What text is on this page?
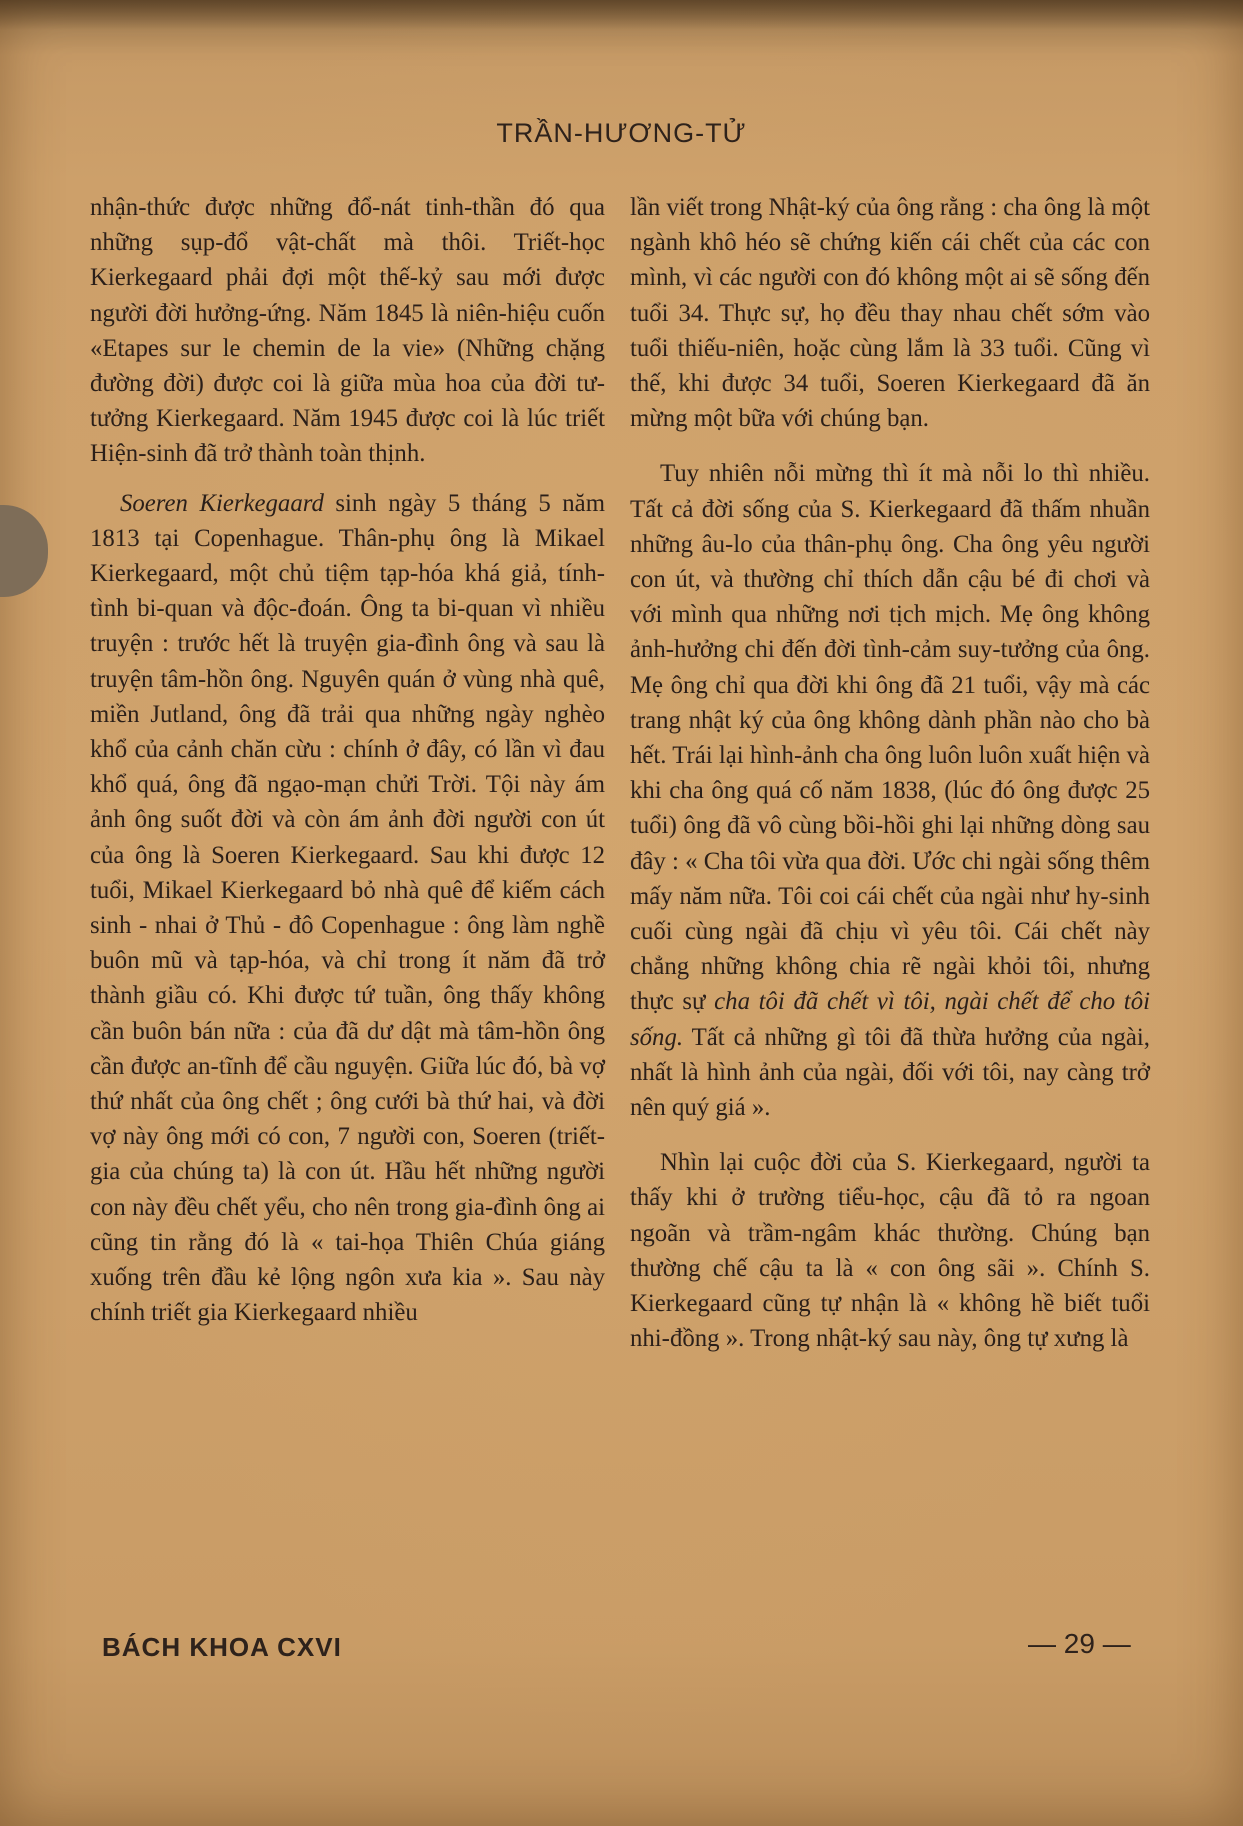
TRẦN-HƯƠNG-TỬ

nhận-thức được những đổ-nát tinh-thần đó qua những sụp-đổ vật-chất mà thôi. Triết-học Kierkegaard phải đợi một thế-kỷ sau mới được người đời hưởng-ứng. Năm 1845 là niên-hiệu cuốn «Etapes sur le chemin de la vie» (Những chặng đường đời) được coi là giữa mùa hoa của đời tư-tưởng Kierkegaard. Năm 1945 được coi là lúc triết Hiện-sinh đã trở thành toàn thịnh.

Soeren Kierkegaard sinh ngày 5 tháng 5 năm 1813 tại Copenhague. Thân-phụ ông là Mikael Kierkegaard, một chủ tiệm tạp-hóa khá giả, tính-tình bi-quan và độc-đoán. Ông ta bi-quan vì nhiều truyện : trước hết là truyện gia-đình ông và sau là truyện tâm-hồn ông. Nguyên quán ở vùng nhà quê, miền Jutland, ông đã trải qua những ngày nghèo khổ của cảnh chăn cừu : chính ở đây, có lần vì đau khổ quá, ông đã ngạo-mạn chửi Trời. Tội này ám ảnh ông suốt đời và còn ám ảnh đời người con út của ông là Soeren Kierkegaard. Sau khi được 12 tuổi, Mikael Kierkegaard bỏ nhà quê để kiếm cách sinh - nhai ở Thủ - đô Copenhague : ông làm nghề buôn mũ và tạp-hóa, và chỉ trong ít năm đã trở thành giầu có. Khi được tứ tuần, ông thấy không cần buôn bán nữa : của đã dư dật mà tâm-hồn ông cần được an-tĩnh để cầu nguyện. Giữa lúc đó, bà vợ thứ nhất của ông chết ; ông cưới bà thứ hai, và đời vợ này ông mới có con, 7 người con, Soeren (triết-gia của chúng ta) là con út. Hầu hết những người con này đều chết yểu, cho nên trong gia-đình ông ai cũng tin rằng đó là « tai-họa Thiên Chúa giáng xuống trên đầu kẻ lộng ngôn xưa kia ». Sau này chính triết gia Kierkegaard nhiều

lần viết trong Nhật-ký của ông rằng : cha ông là một ngành khô héo sẽ chứng kiến cái chết của các con mình, vì các người con đó không một ai sẽ sống đến tuổi 34. Thực sự, họ đều thay nhau chết sớm vào tuổi thiếu-niên, hoặc cùng lắm là 33 tuổi. Cũng vì thế, khi được 34 tuổi, Soeren Kierkegaard đã ăn mừng một bữa với chúng bạn.

Tuy nhiên nỗi mừng thì ít mà nỗi lo thì nhiều. Tất cả đời sống của S. Kierkegaard đã thấm nhuần những âu-lo của thân-phụ ông. Cha ông yêu người con út, và thường chỉ thích dẫn cậu bé đi chơi và với mình qua những nơi tịch mịch. Mẹ ông không ảnh-hưởng chi đến đời tình-cảm suy-tưởng của ông. Mẹ ông chỉ qua đời khi ông đã 21 tuổi, vậy mà các trang nhật ký của ông không dành phần nào cho bà hết. Trái lại hình-ảnh cha ông luôn luôn xuất hiện và khi cha ông quá cố năm 1838, (lúc đó ông được 25 tuổi) ông đã vô cùng bồi-hồi ghi lại những dòng sau đây : « Cha tôi vừa qua đời. Ước chi ngài sống thêm mấy năm nữa. Tôi coi cái chết của ngài như hy-sinh cuối cùng ngài đã chịu vì yêu tôi. Cái chết này chẳng những không chia rẽ ngài khỏi tôi, nhưng thực sự cha tôi đã chết vì tôi, ngài chết để cho tôi sống. Tất cả những gì tôi đã thừa hưởng của ngài, nhất là hình ảnh của ngài, đối với tôi, nay càng trở nên quý giá ».

Nhìn lại cuộc đời của S. Kierkegaard, người ta thấy khi ở trường tiểu-học, cậu đã tỏ ra ngoan ngoãn và trầm-ngâm khác thường. Chúng bạn thường chế cậu ta là « con ông sãi ». Chính S. Kierkegaard cũng tự nhận là « không hề biết tuổi nhi-đồng ». Trong nhật-ký sau này, ông tự xưng là

BÁCH KHOA CXVI	— 29 —
